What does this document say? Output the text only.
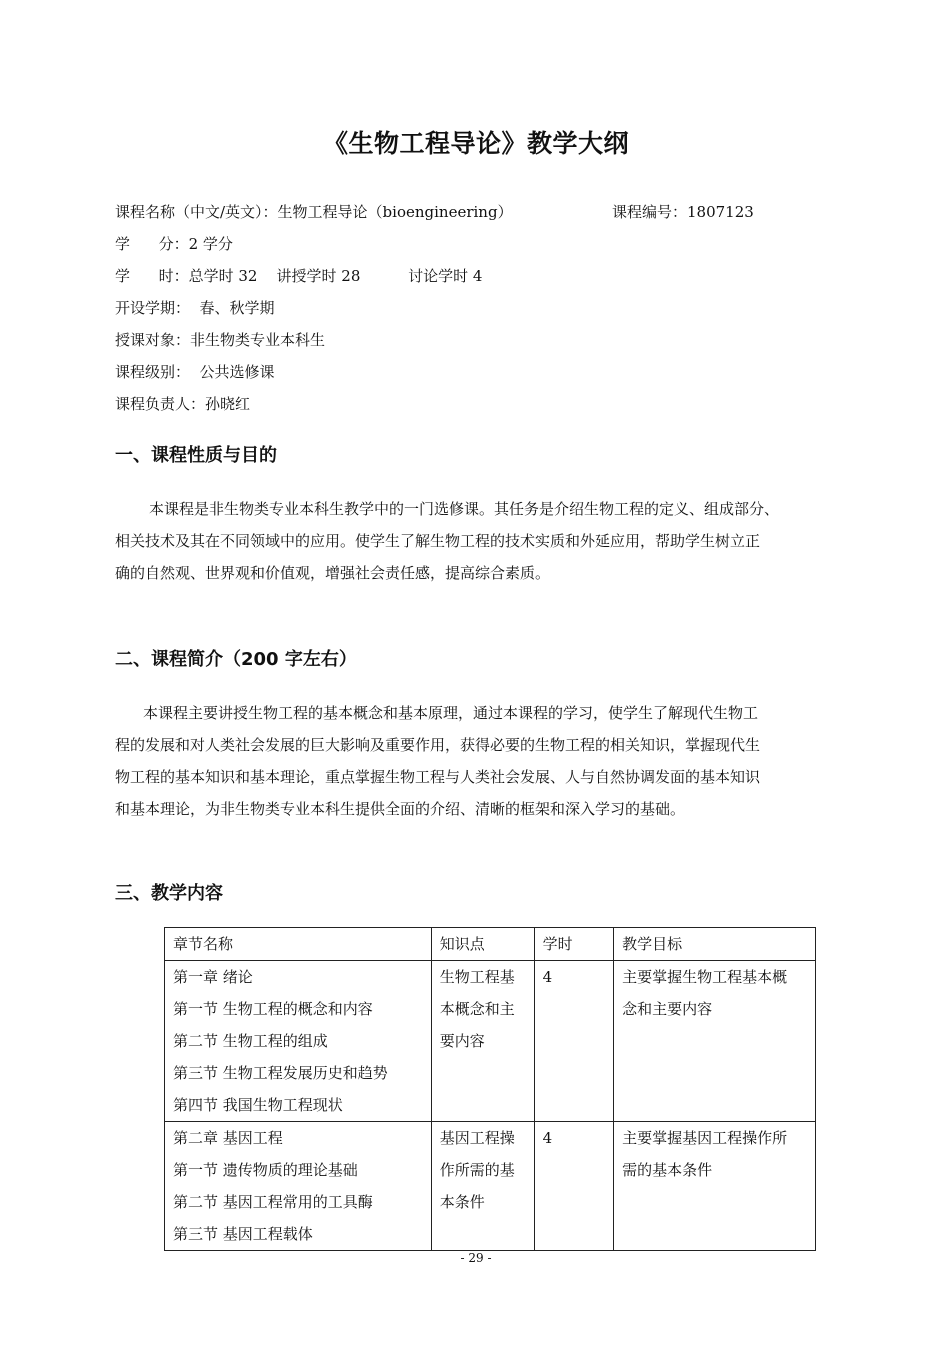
《生物工程导论》教学大纲
课程名称（中文/英文）：生物工程导论（bioengineering）	课程编号：1807123
学      分：2 学分
学      时：总学时 32    讲授学时 28          讨论学时 4
开设学期：  春、秋学期
授课对象：非生物类专业本科生
课程级别：  公共选修课
课程负责人：孙晓红
一、课程性质与目的
本课程是非生物类专业本科生教学中的一门选修课。其任务是介绍生物工程的定义、组成部分、
相关技术及其在不同领域中的应用。使学生了解生物工程的技术实质和外延应用，帮助学生树立正
确的自然观、世界观和价值观，增强社会责任感，提高综合素质。
二、课程简介（200 字左右）
本课程主要讲授生物工程的基本概念和基本原理，通过本课程的学习，使学生了解现代生物工
程的发展和对人类社会发展的巨大影响及重要作用，获得必要的生物工程的相关知识，掌握现代生
物工程的基本知识和基本理论，重点掌握生物工程与人类社会发展、人与自然协调发面的基本知识
和基本理论，为非生物类专业本科生提供全面的介绍、清晰的框架和深入学习的基础。
三、教学内容
章节名称	知识点	学时	教学目标

第一章 绪论
第一节 生物工程的概念和内容
第二节 生物工程的组成
第三节 生物工程发展历史和趋势
第四节 我国生物工程现状	生物工程基
本概念和主
要内容	4	主要掌握生物工程基本概
念和主要内容

第二章 基因工程
第一节 遗传物质的理论基础
第二节 基因工程常用的工具酶
第三节 基因工程载体	基因工程操
作所需的基
本条件	4	主要掌握基因工程操作所
需的基本条件
- 29 -
